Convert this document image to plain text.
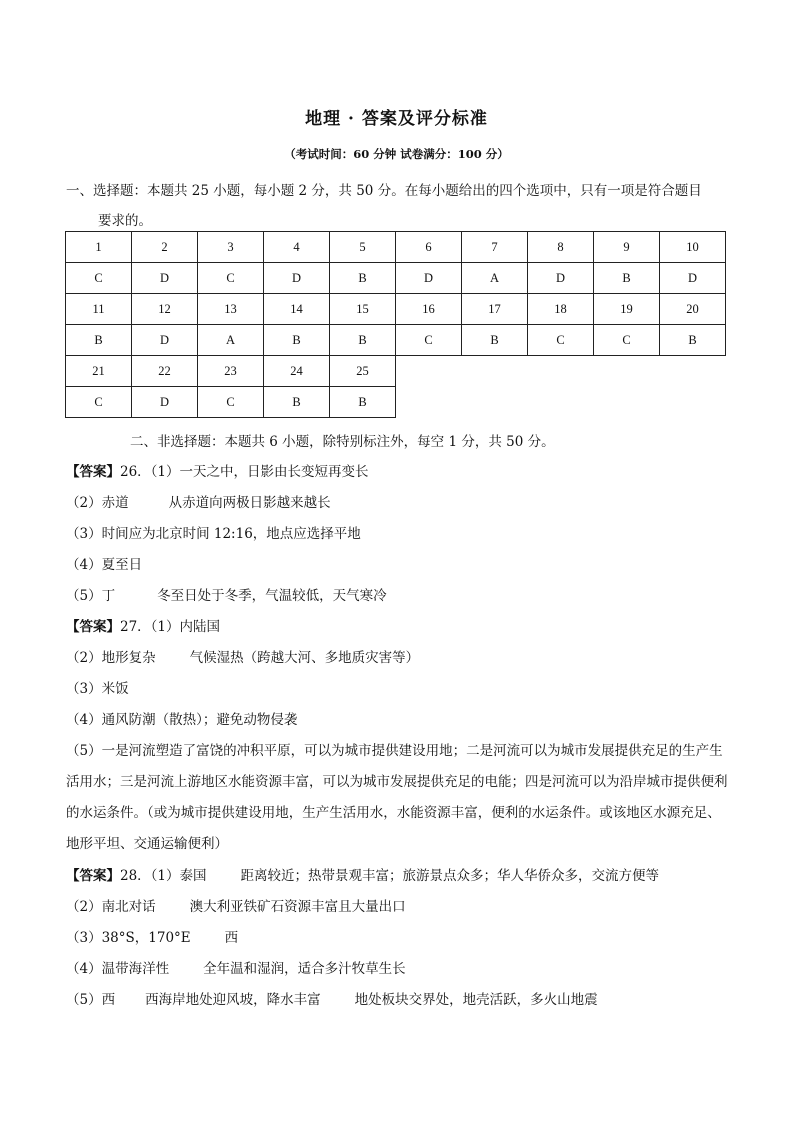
地理 · 答案及评分标准
（考试时间：60 分钟 试卷满分：100 分）
一、选择题：本题共 25 小题，每小题 2 分，共 50 分。在每小题给出的四个选项中，只有一项是符合题目
要求的。
1	2	3	4	5	6	7	8	9	10
C	D	C	D	B	D	A	D	B	D
11	12	13	14	15	16	17	18	19	20
B	D	A	B	B	C	B	C	C	B
21	22	23	24	25					
C	D	C	B	B					
二、非选择题：本题共 6 小题，除特别标注外，每空 1 分，共 50 分。
【答案】26．（1）一天之中，日影由长变短再变长
（2）赤道	从赤道向两极日影越来越长
（3）时间应为北京时间 12:16，地点应选择平地
（4）夏至日
（5）丁	冬至日处于冬季，气温较低，天气寒冷
【答案】27．（1）内陆国
（2）地形复杂	气候湿热（跨越大河、多地质灾害等）
（3）米饭
（4）通风防潮（散热）；避免动物侵袭
（5）一是河流塑造了富饶的冲积平原，可以为城市提供建设用地；二是河流可以为城市发展提供充足的生产生活用水；三是河流上游地区水能资源丰富，可以为城市发展提供充足的电能；四是河流可以为沿岸城市提供便利的水运条件。（或为城市提供建设用地，生产生活用水，水能资源丰富，便利的水运条件。或该地区水源充足、地形平坦、交通运输便利）
【答案】28．（1）泰国	距离较近；热带景观丰富；旅游景点众多；华人华侨众多，交流方便等
（2）南北对话	澳大利亚铁矿石资源丰富且大量出口
（3）38°S，170°E	西
（4）温带海洋性	全年温和湿润，适合多汁牧草生长
（5）西 西海岸地处迎风坡，降水丰富	地处板块交界处，地壳活跃，多火山地震
